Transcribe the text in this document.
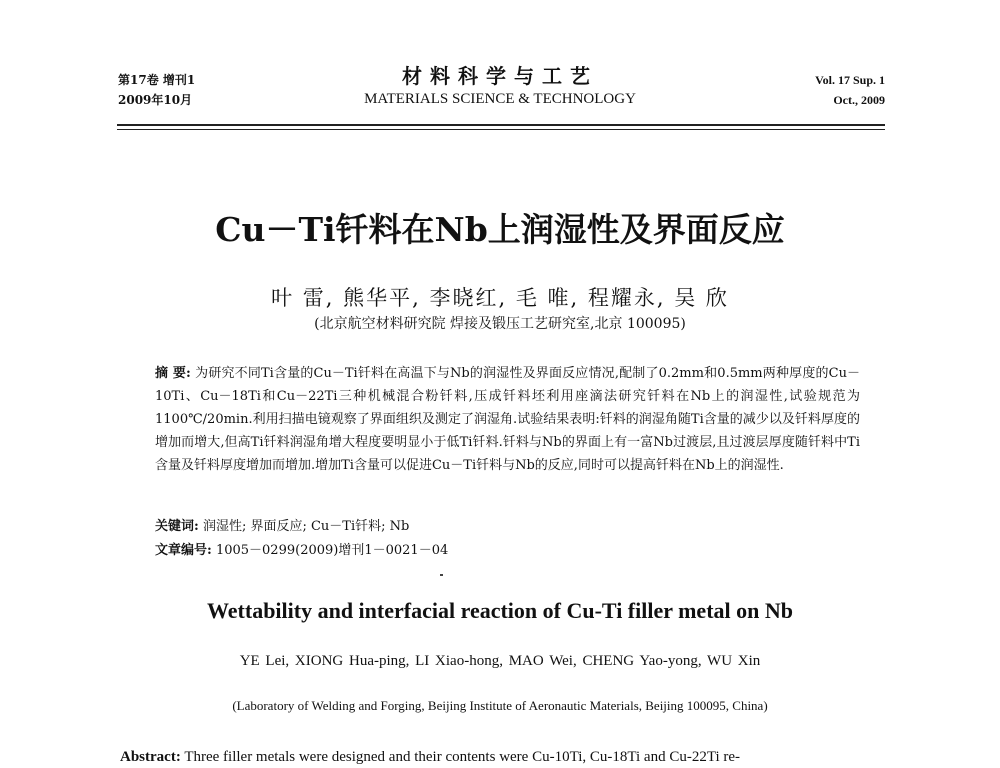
第17卷 增刊1
2009年10月
材料科学与工艺
MATERIALS SCIENCE & TECHNOLOGY
Vol. 17 Sup. 1
Oct., 2009
Cu－Ti钎料在Nb上润湿性及界面反应
叶 雷, 熊华平, 李晓红, 毛 唯, 程耀永, 吴 欣
(北京航空材料研究院 焊接及锻压工艺研究室,北京 100095)
摘 要: 为研究不同Ti含量的Cu－Ti钎料在高温下与Nb的润湿性及界面反应情况,配制了0.2mm和0.5mm两种厚度的Cu－10Ti、Cu－18Ti和Cu－22Ti三种机械混合粉钎料,压成钎料坯利用座滴法研究钎料在Nb上的润湿性,试验规范为1100℃/20min.利用扫描电镜观察了界面组织及测定了润湿角.试验结果表明:钎料的润湿角随Ti含量的减少以及钎料厚度的增加而增大,但高Ti钎料润湿角增大程度要明显小于低Ti钎料.钎料与Nb的界面上有一富Nb过渡层,且过渡层厚度随钎料中Ti含量及钎料厚度增加而增加.增加Ti含量可以促进Cu－Ti钎料与Nb的反应,同时可以提高钎料在Nb上的润湿性.
关键词: 润湿性; 界面反应; Cu－Ti钎料; Nb
文章编号: 1005－0299(2009)增刊1－0021－04
Wettability and interfacial reaction of Cu-Ti filler metal on Nb
YE Lei, XIONG Hua-ping, LI Xiao-hong, MAO Wei, CHENG Yao-yong, WU Xin
(Laboratory of Welding and Forging, Beijing Institute of Aeronautic Materials, Beijing 100095, China)
Abstract: Three filler metals were designed and their contents were Cu-10Ti, Cu-18Ti and Cu-22Ti re-
